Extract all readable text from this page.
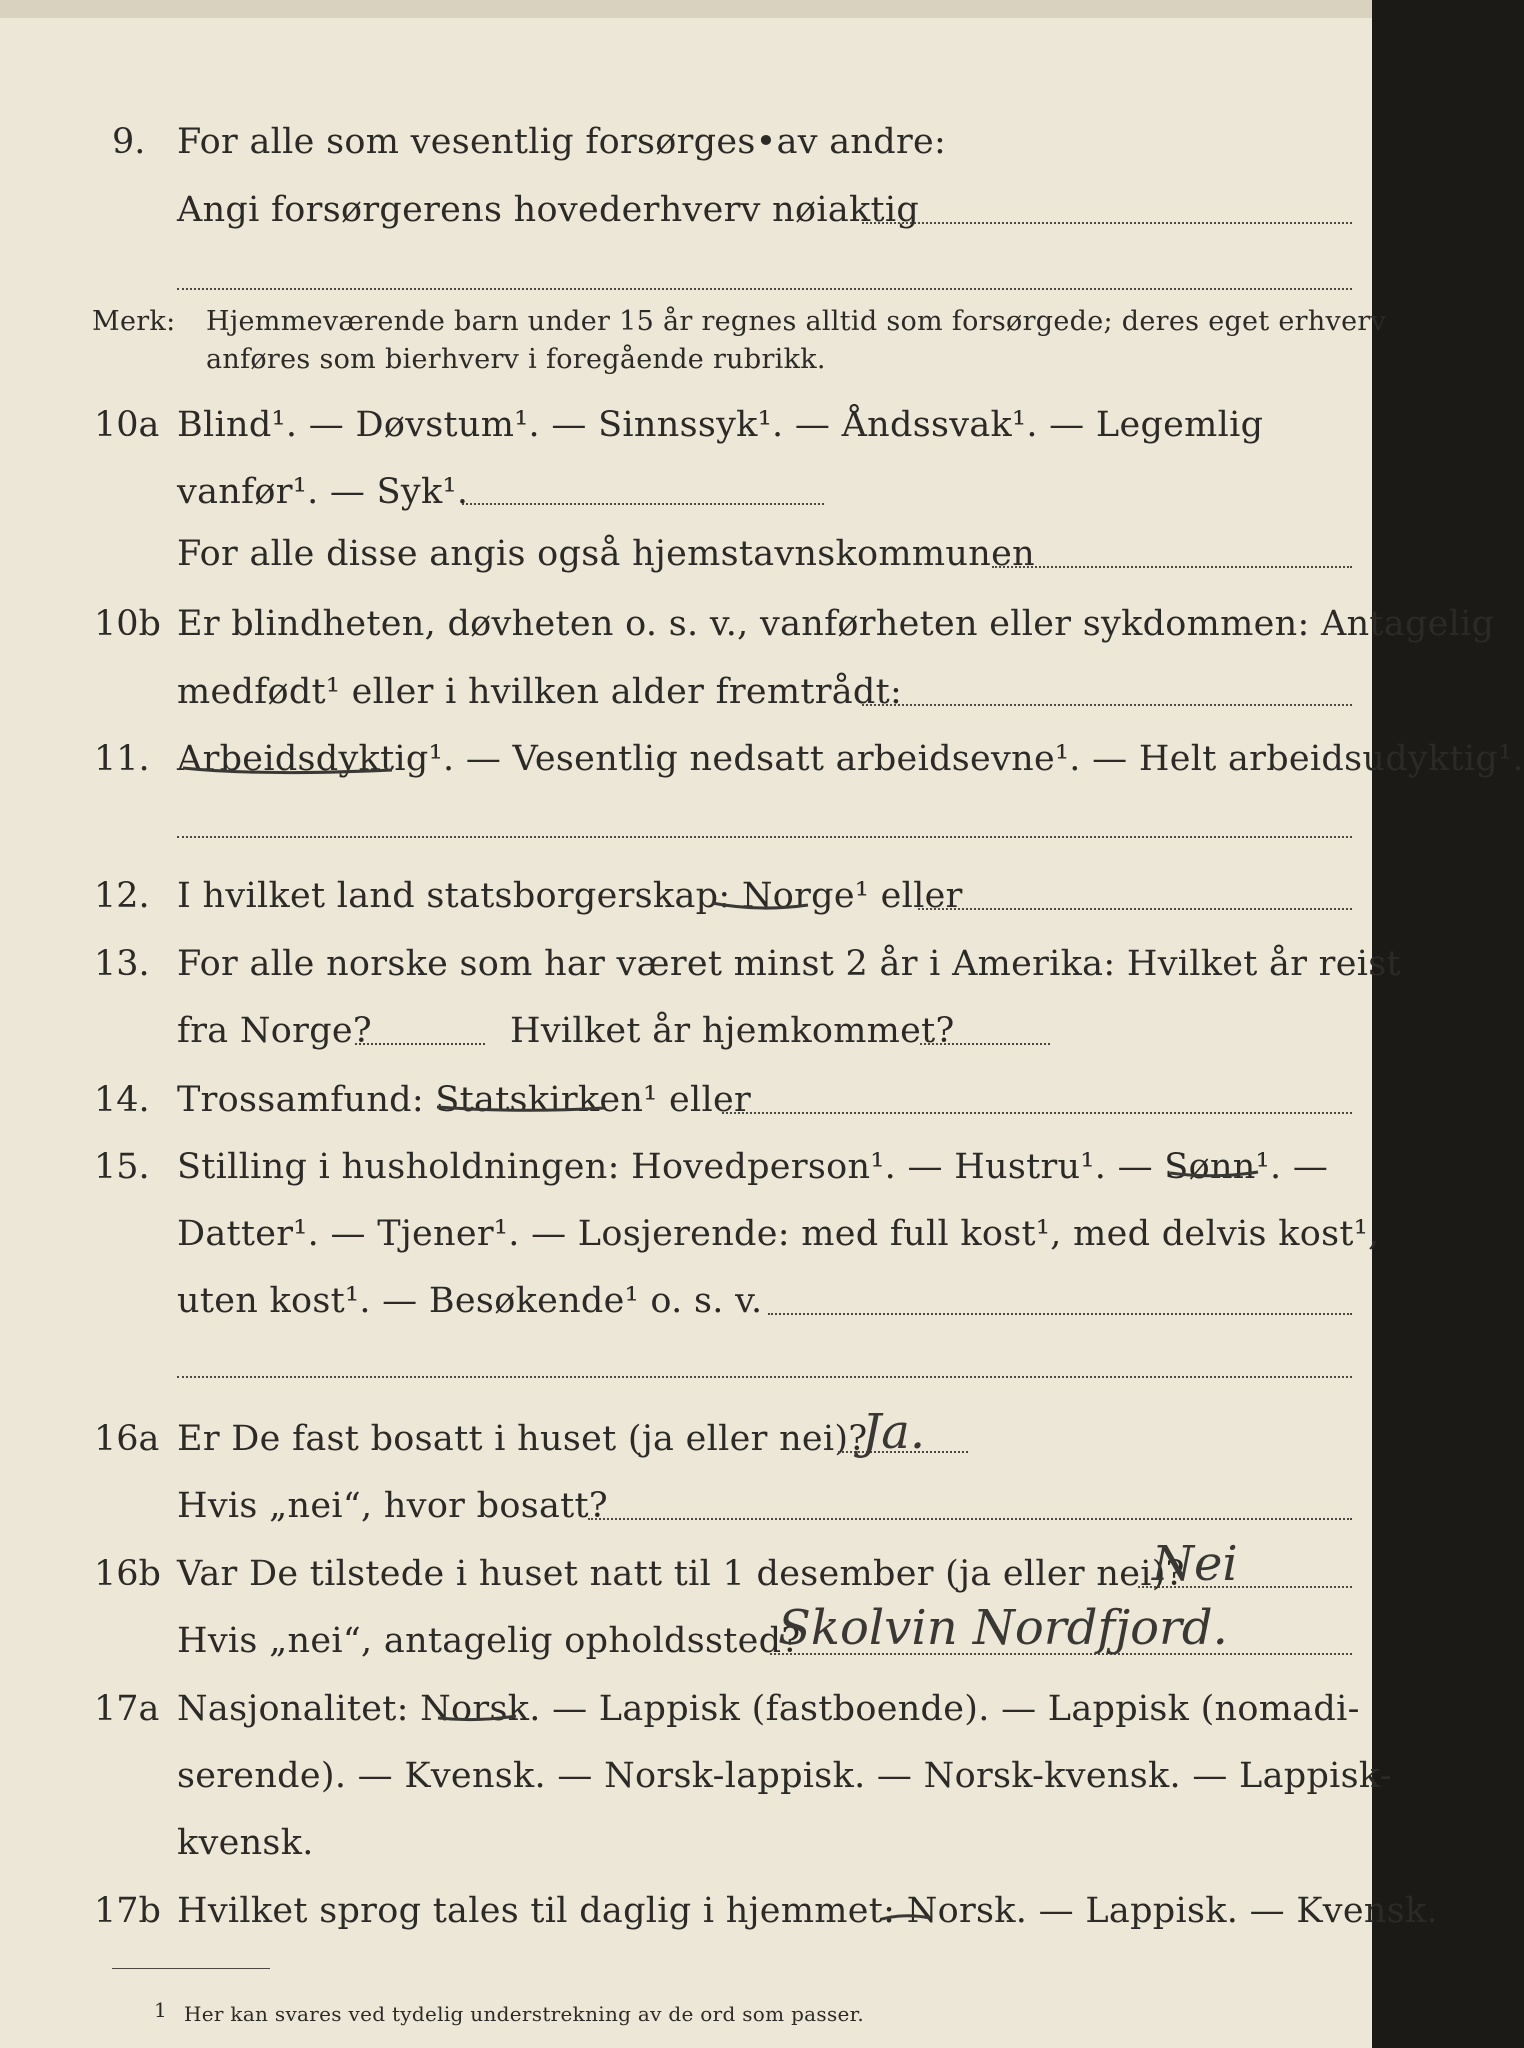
9. For alle som vesentlig forsørges•av andre:
Angi forsørgerens hovederhverv nøiaktig
Merk: Hjemmeværende barn under 15 år regnes alltid som forsørgede; deres eget erhverv
anføres som bierhverv i foregående rubrikk.
10a Blind¹. — Døvstum¹. — Sinnssyk¹. — Åndssvak¹. — Legemlig
vanfør¹. — Syk¹.
For alle disse angis også hjemstavnskommunen
10b Er blindheten, døvheten o. s. v., vanførheten eller sykdommen: Antagelig
medfødt¹ eller i hvilken alder fremtrådt:
11. Arbeidsdyktig¹. — Vesentlig nedsatt arbeidsevne¹. — Helt arbeidsudyktig¹.
12. I hvilket land statsborgerskap: Norge¹ eller
13. For alle norske som har været minst 2 år i Amerika: Hvilket år reist
fra Norge?	Hvilket år hjemkommet?
14. Trossamfund: Statskirken¹ eller
15. Stilling i husholdningen: Hovedperson¹. — Hustru¹. — Sønn¹. —
Datter¹. — Tjener¹. — Losjerende: med full kost¹, med delvis kost¹,
uten kost¹. — Besøkende¹ o. s. v.
16a Er De fast bosatt i huset (ja eller nei)?
Ja.
Hvis „nei“, hvor bosatt?
16b Var De tilstede i huset natt til 1 desember (ja eller nei)?
Nei
Hvis „nei“, antagelig opholdssted?
Skolvin Nordfjord.
17a Nasjonalitet: Norsk. — Lappisk (fastboende). — Lappisk (nomadi-
serende). — Kvensk. — Norsk-lappisk. — Norsk-kvensk. — Lappisk-
kvensk.
17b Hvilket sprog tales til daglig i hjemmet: Norsk. — Lappisk. — Kvensk.
1 Her kan svares ved tydelig understrekning av de ord som passer.
